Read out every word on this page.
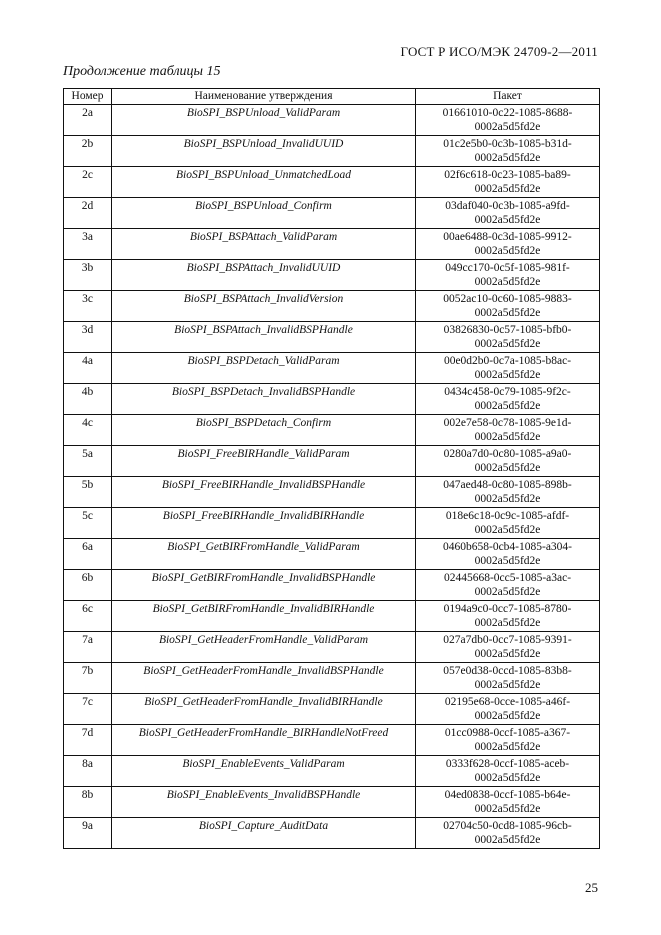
ГОСТ Р ИСО/МЭК 24709-2—2011
Продолжение таблицы 15
Номер	Наименование утверждения	Пакет
2a	BioSPI_BSPUnload_ValidParam	01661010-0c22-1085-8688-
0002a5d5fd2e

2b	BioSPI_BSPUnload_InvalidUUID	01c2e5b0-0c3b-1085-b31d-
0002a5d5fd2e

2c	BioSPI_BSPUnload_UnmatchedLoad	02f6c618-0c23-1085-ba89-
0002a5d5fd2e

2d	BioSPI_BSPUnload_Confirm	03daf040-0c3b-1085-a9fd-
0002a5d5fd2e

3a	BioSPI_BSPAttach_ValidParam	00ae6488-0c3d-1085-9912-
0002a5d5fd2e

3b	BioSPI_BSPAttach_InvalidUUID	049cc170-0c5f-1085-981f-
0002a5d5fd2e

3c	BioSPI_BSPAttach_InvalidVersion	0052ac10-0c60-1085-9883-
0002a5d5fd2e

3d	BioSPI_BSPAttach_InvalidBSPHandle	03826830-0c57-1085-bfb0-
0002a5d5fd2e

4a	BioSPI_BSPDetach_ValidParam	00e0d2b0-0c7a-1085-b8ac-
0002a5d5fd2e

4b	BioSPI_BSPDetach_InvalidBSPHandle	0434c458-0c79-1085-9f2c-
0002a5d5fd2e

4c	BioSPI_BSPDetach_Confirm	002e7e58-0c78-1085-9e1d-
0002a5d5fd2e

5a	BioSPI_FreeBIRHandle_ValidParam	0280a7d0-0c80-1085-a9a0-
0002a5d5fd2e

5b	BioSPI_FreeBIRHandle_InvalidBSPHandle	047aed48-0c80-1085-898b-
0002a5d5fd2e

5c	BioSPI_FreeBIRHandle_InvalidBIRHandle	018e6c18-0c9c-1085-afdf-
0002a5d5fd2e

6a	BioSPI_GetBIRFromHandle_ValidParam	0460b658-0cb4-1085-a304-
0002a5d5fd2e

6b	BioSPI_GetBIRFromHandle_InvalidBSPHandle	02445668-0cc5-1085-a3ac-
0002a5d5fd2e

6c	BioSPI_GetBIRFromHandle_InvalidBIRHandle	0194a9c0-0cc7-1085-8780-
0002a5d5fd2e

7a	BioSPI_GetHeaderFromHandle_ValidParam	027a7db0-0cc7-1085-9391-
0002a5d5fd2e

7b	BioSPI_GetHeaderFromHandle_InvalidBSPHandle	057e0d38-0ccd-1085-83b8-
0002a5d5fd2e

7c	BioSPI_GetHeaderFromHandle_InvalidBIRHandle	02195e68-0cce-1085-a46f-
0002a5d5fd2e

7d	BioSPI_GetHeaderFromHandle_BIRHandleNotFreed	01cc0988-0ccf-1085-a367-
0002a5d5fd2e

8a	BioSPI_EnableEvents_ValidParam	0333f628-0ccf-1085-aceb-
0002a5d5fd2e

8b	BioSPI_EnableEvents_InvalidBSPHandle	04ed0838-0ccf-1085-b64e-
0002a5d5fd2e

9a	BioSPI_Capture_AuditData	02704c50-0cd8-1085-96cb-
0002a5d5fd2e
25
